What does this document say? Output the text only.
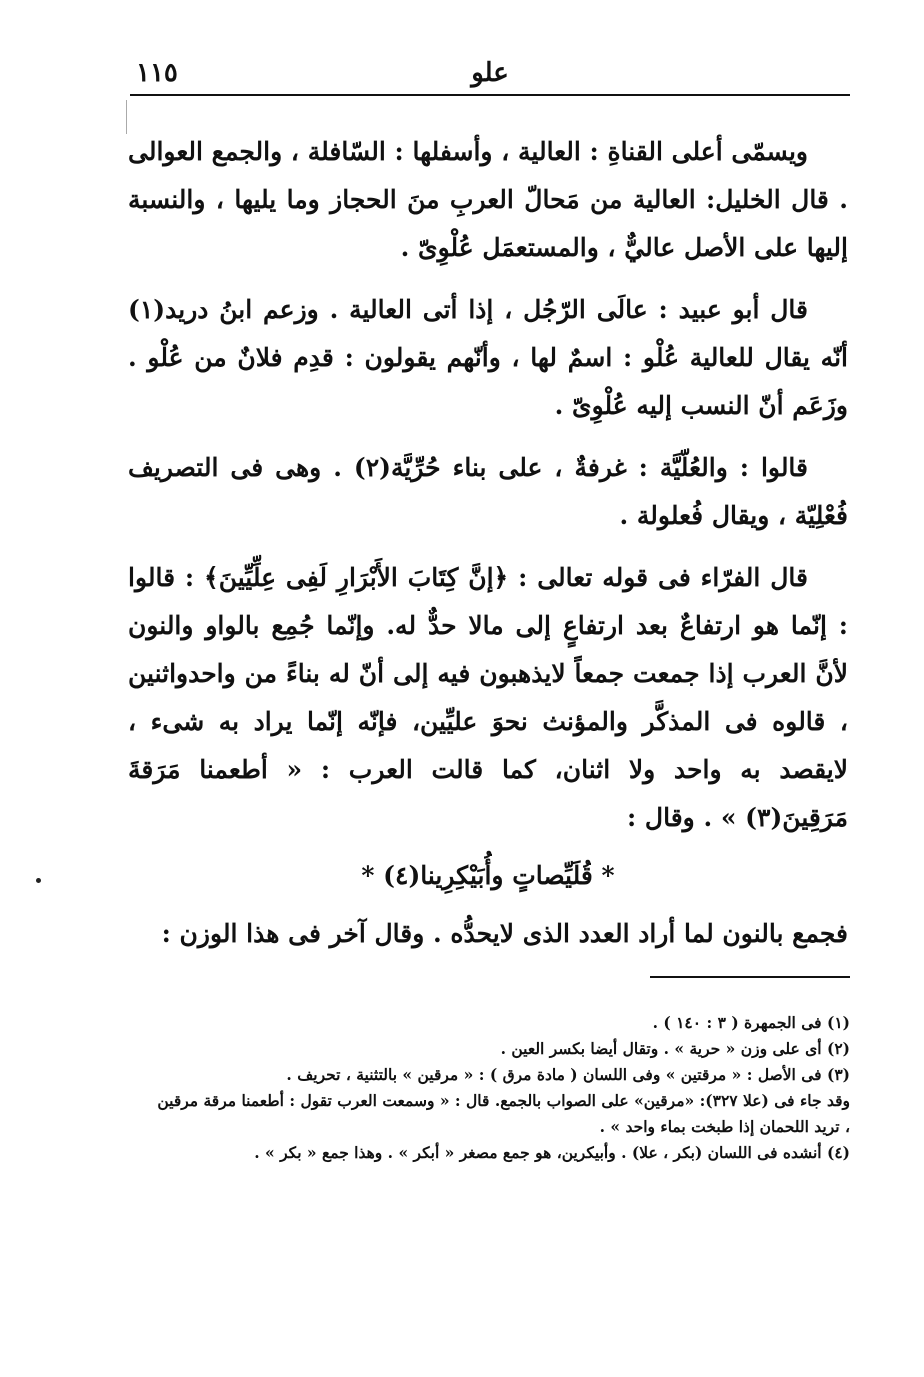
١١٥	علو

ويسمّى أعلى القناةِ : العالية ، وأسفلها : السّافلة ، والجمع العوالى . قال الخليل: العالية من مَحالّ العربِ منَ الحجاز وما يليها ، والنسبة إليها على الأصل عاليٌّ ، والمستعمَل عُلْوِىّ .

قال أبو عبيد : عالَى الرّجُل ، إذا أتى العالية . وزعم ابنُ دريد(١) أنّه يقال للعالية عُلْو : اسمٌ لها ، وأنّهم يقولون : قدِم فلانٌ من عُلْو . وزَعَم أنّ النسب إليه عُلْوِىّ .

قالوا : والعُلّيَّة : غرفةٌ ، على بناء حُرِّيَّة(٢) . وهى فى التصريف فُعْلِيّة ، ويقال فُعلولة .

قال الفرّاء فى قوله تعالى : ﴿إنَّ كِتَابَ الأَبْرَارِ لَفِى عِلِّيِّينَ﴾ : قالوا : إنّما هو ارتفاعٌ بعد ارتفاعٍ إلى مالا حدٌّ له. وإنّما جُمِع بالواو والنون لأنَّ العرب إذا جمعت جمعاً لايذهبون فيه إلى أنّ له بناءً من واحدواثنين ، قالوه فى المذكَّر والمؤنث نحوَ عليِّين، فإنّه إنّما يراد به شىء ، لايقصد به واحد ولا اثنان، كما قالت العرب : « أطعمنا مَرَقةَ مَرَقِينَ(٣) » . وقال :

* قُلَيِّصاتٍ وأُبَيْكِرِينا(٤) *

فجمع بالنون لما أراد العدد الذى لايحدُّه . وقال آخر فى هذا الوزن :

(١) فى الجمهرة ( ٣ : ١٤٠ ) .
(٢) أى على وزن « حرية » . وتقال أيضا بكسر العين .
(٣) فى الأصل : « مرقتين » وفى اللسان ( مادة مرق ) : « مرقين » بالتثنية ، تحريف .
وقد جاء فى (علا ٣٢٧): «مرقين» على الصواب بالجمع. قال : « وسمعت العرب تقول : أطعمنا مرقة مرقين ، تريد اللحمان إذا طبخت بماء واحد » .
(٤) أنشده فى اللسان (بكر ، علا) . وأبيكرين، هو جمع مصغر « أبكر » . وهذا جمع « بكر » .
